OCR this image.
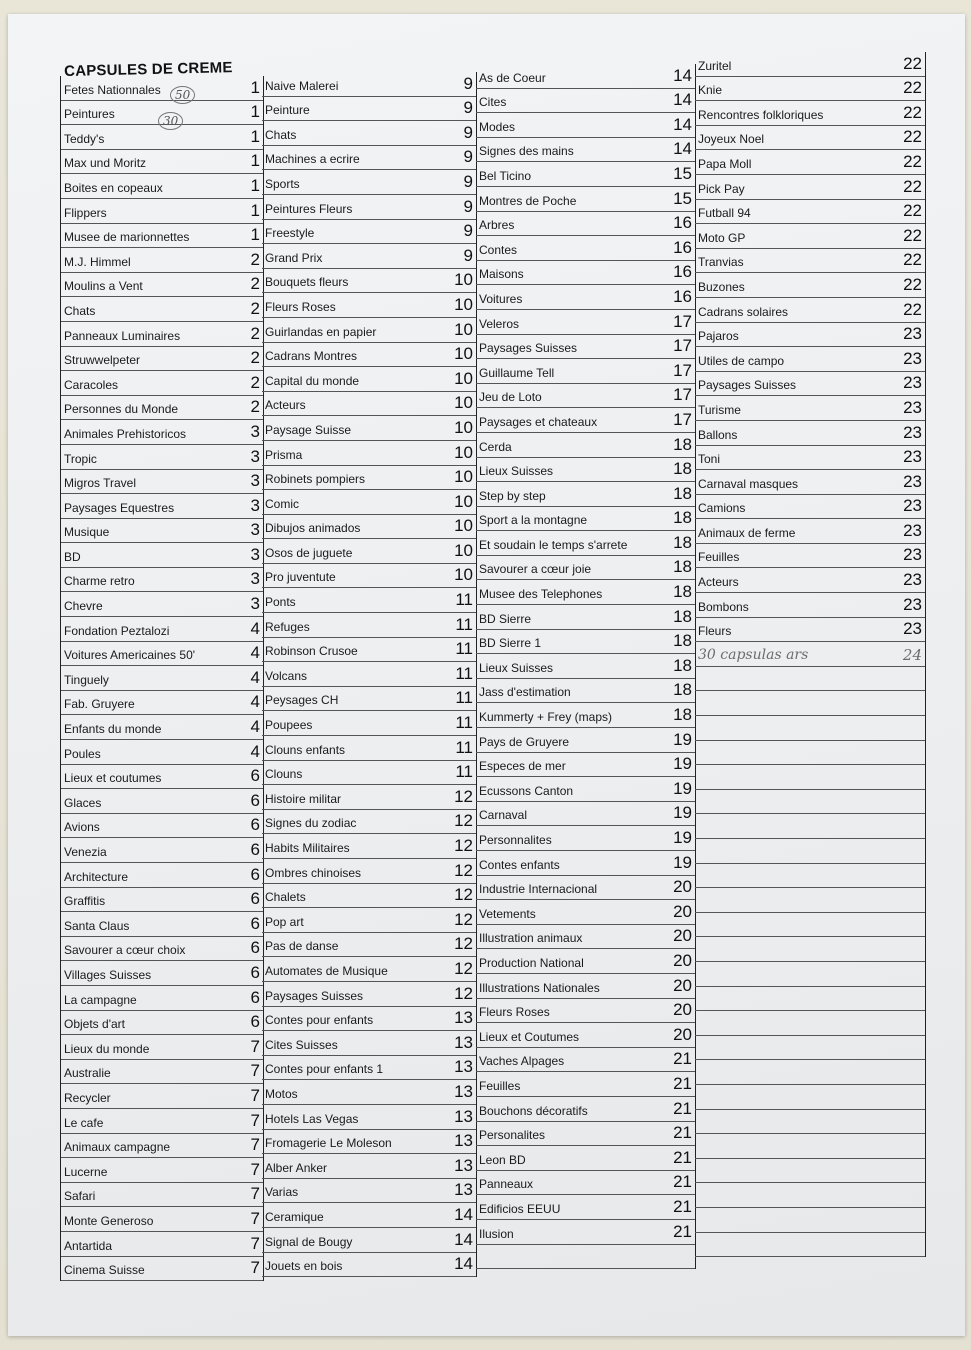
CAPSULES DE CREME
Fetes Nationnales	1
Peintures	1
Teddy's	1
Max und Moritz	1
Boites en copeaux	1
Flippers	1
Musee de marionnettes	1
M.J. Himmel	2
Moulins a Vent	2
Chats	2
Panneaux Luminaires	2
Struwwelpeter	2
Caracoles	2
Personnes du Monde	2
Animales Prehistoricos	3
Tropic	3
Migros Travel	3
Paysages Equestres	3
Musique	3
BD	3
Charme retro	3
Chevre	3
Fondation Peztalozi	4
Voitures Americaines 50'	4
Tinguely	4
Fab. Gruyere	4
Enfants du monde	4
Poules	4
Lieux et coutumes	6
Glaces	6
Avions	6
Venezia	6
Architecture	6
Graffitis	6
Santa Claus	6
Savourer a cœur choix	6
Villages Suisses	6
La campagne	6
Objets d'art	6
Lieux du monde	7
Australie	7
Recycler	7
Le cafe	7
Animaux campagne	7
Lucerne	7
Safari	7
Monte Generoso	7
Antartida	7
Cinema Suisse	7
Naive Malerei	9
Peinture	9
Chats	9
Machines a ecrire	9
Sports	9
Peintures Fleurs	9
Freestyle	9
Grand Prix	9
Bouquets fleurs	10
Fleurs Roses	10
Guirlandas en papier	10
Cadrans Montres	10
Capital du monde	10
Acteurs	10
Paysage Suisse	10
Prisma	10
Robinets pompiers	10
Comic	10
Dibujos animados	10
Osos de juguete	10
Pro juventute	10
Ponts	11
Refuges	11
Robinson Crusoe	11
Volcans	11
Peysages CH	11
Poupees	11
Clouns enfants	11
Clouns	11
Histoire militar	12
Signes du zodiac	12
Habits Militaires	12
Ombres chinoises	12
Chalets	12
Pop art	12
Pas de danse	12
Automates de Musique	12
Paysages Suisses	12
Contes pour enfants	13
Cites Suisses	13
Contes pour enfants 1	13
Motos	13
Hotels Las Vegas	13
Fromagerie Le Moleson	13
Alber Anker	13
Varias	13
Ceramique	14
Signal de Bougy	14
Jouets en bois	14
As de Coeur	14
Cites	14
Modes	14
Signes des mains	14
Bel Ticino	15
Montres de Poche	15
Arbres	16
Contes	16
Maisons	16
Voitures	16
Veleros	17
Paysages Suisses	17
Guillaume Tell	17
Jeu de Loto	17
Paysages et chateaux	17
Cerda	18
Lieux Suisses	18
Step by step	18
Sport a la montagne	18
Et soudain le temps s'arrete	18
Savourer a cœur joie	18
Musee des Telephones	18
BD Sierre	18
BD Sierre 1	18
Lieux Suisses	18
Jass d'estimation	18
Kummerty + Frey (maps)	18
Pays de Gruyere	19
Especes de mer	19
Ecussons Canton	19
Carnaval	19
Personnalites	19
Contes enfants	19
Industrie Internacional	20
Vetements	20
Illustration animaux	20
Production National	20
Illustrations Nationales	20
Fleurs Roses	20
Lieux et Coutumes	20
Vaches Alpages	21
Feuilles	21
Bouchons décoratifs	21
Personalites	21
Leon BD	21
Panneaux	21
Edificios EEUU	21
Ilusion	21
Zuritel	22
Knie	22
Rencontres folkloriques	22
Joyeux Noel	22
Papa Moll	22
Pick Pay	22
Futball 94	22
Moto GP	22
Tranvias	22
Buzones	22
Cadrans solaires	22
Pajaros	23
Utiles de campo	23
Paysages Suisses	23
Turisme	23
Ballons	23
Toni	23
Carnaval masques	23
Camions	23
Animaux de ferme	23
Feuilles	23
Acteurs	23
Bombons	23
Fleurs	23
30 capsulas ars	24
50
30
